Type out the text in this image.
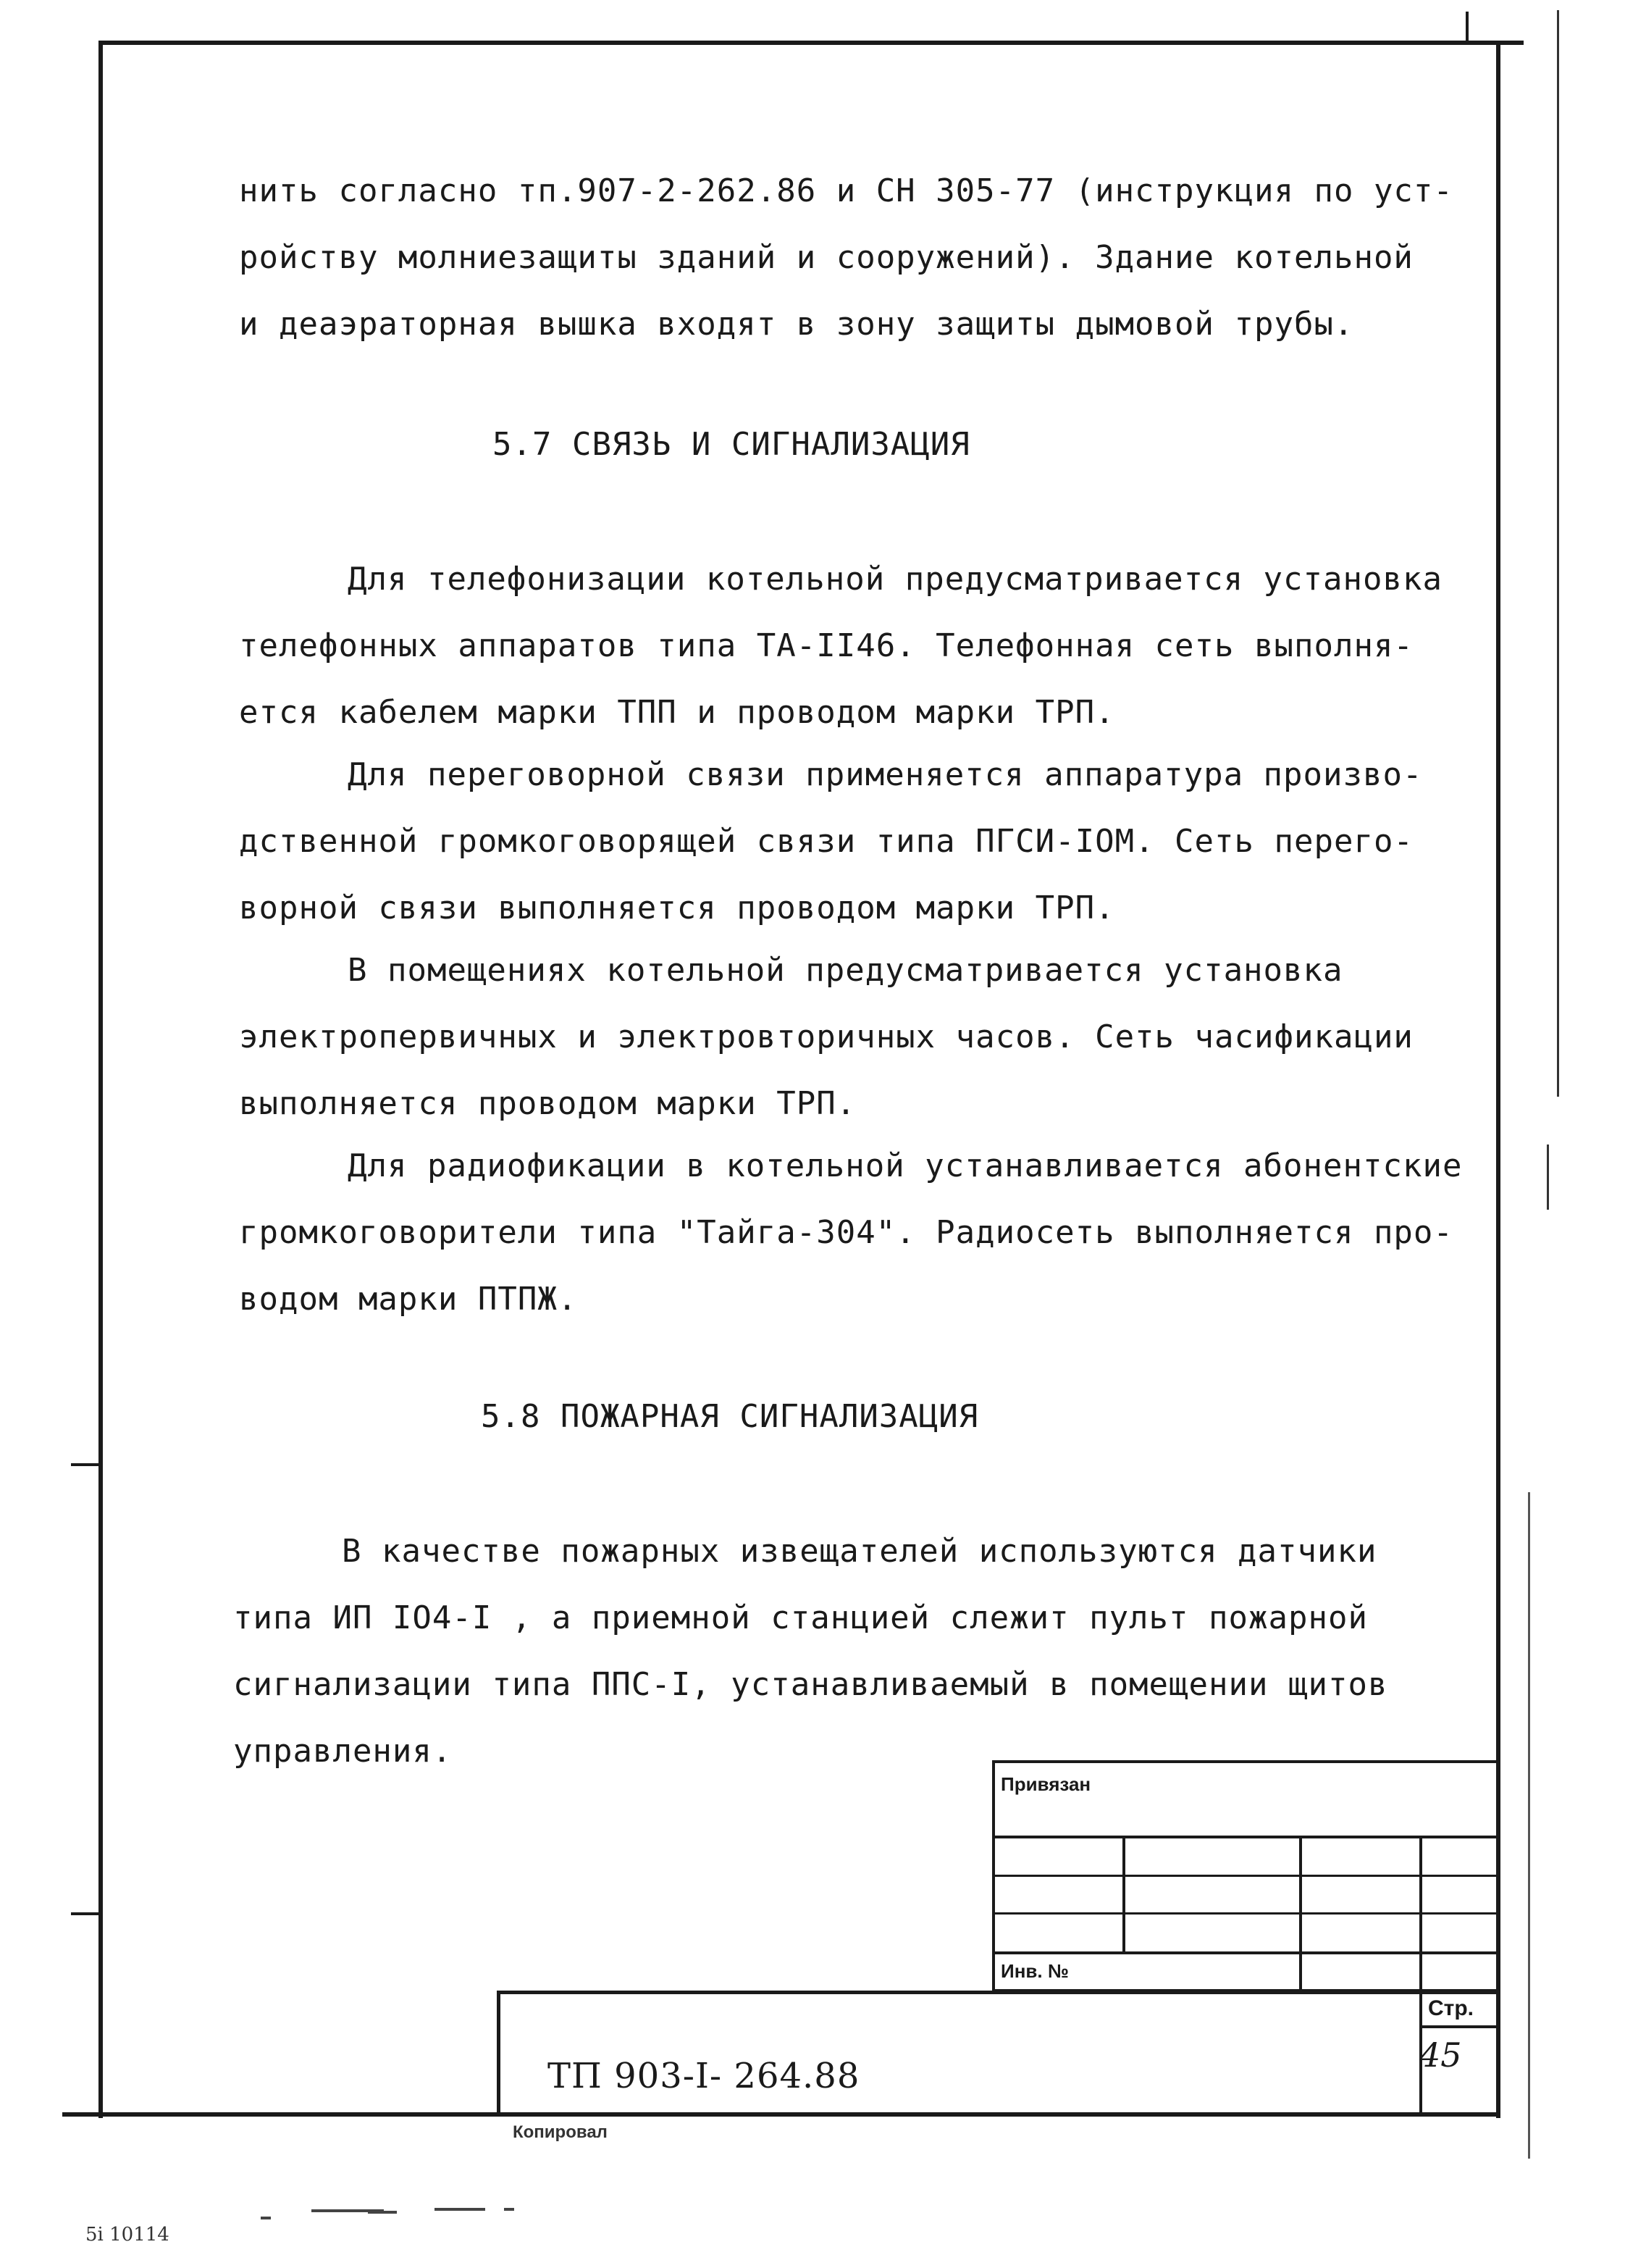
нить согласно тп.907-2-262.86 и СН 305-77 (инструкция по уст-
ройству молниезащиты зданий и сооружений). Здание котельной
и деаэраторная вышка входят в зону защиты дымовой трубы.
5.7 СВЯЗЬ И СИГНАЛИЗАЦИЯ
Для телефонизации котельной предусматривается установка
телефонных аппаратов типа ТА-II46. Телефонная сеть выполня-
ется кабелем марки ТПП и проводом марки ТРП.
Для переговорной связи применяется аппаратура произво-
дственной громкоговорящей связи типа ПГСИ-IOM. Сеть перего-
ворной связи выполняется проводом марки ТРП.
В помещениях котельной предусматривается установка
электропервичных и электровторичных часов. Сеть часификации
выполняется проводом марки ТРП.
Для радиофикации в котельной устанавливается абонентские
громкоговорители типа "Тайга-304". Радиосеть выполняется про-
водом марки ПТПЖ.
5.8 ПОЖАРНАЯ СИГНАЛИЗАЦИЯ
В качестве пожарных извещателей используются датчики
типа ИП IO4-I , а приемной станцией слежит пульт пожарной
сигнализации типа ППС-I, устанавливаемый в помещении щитов
управления.
Привязан
Инв. №
Стр.
45
ТП 903-I- 264.88
Копировал
5і 10114
